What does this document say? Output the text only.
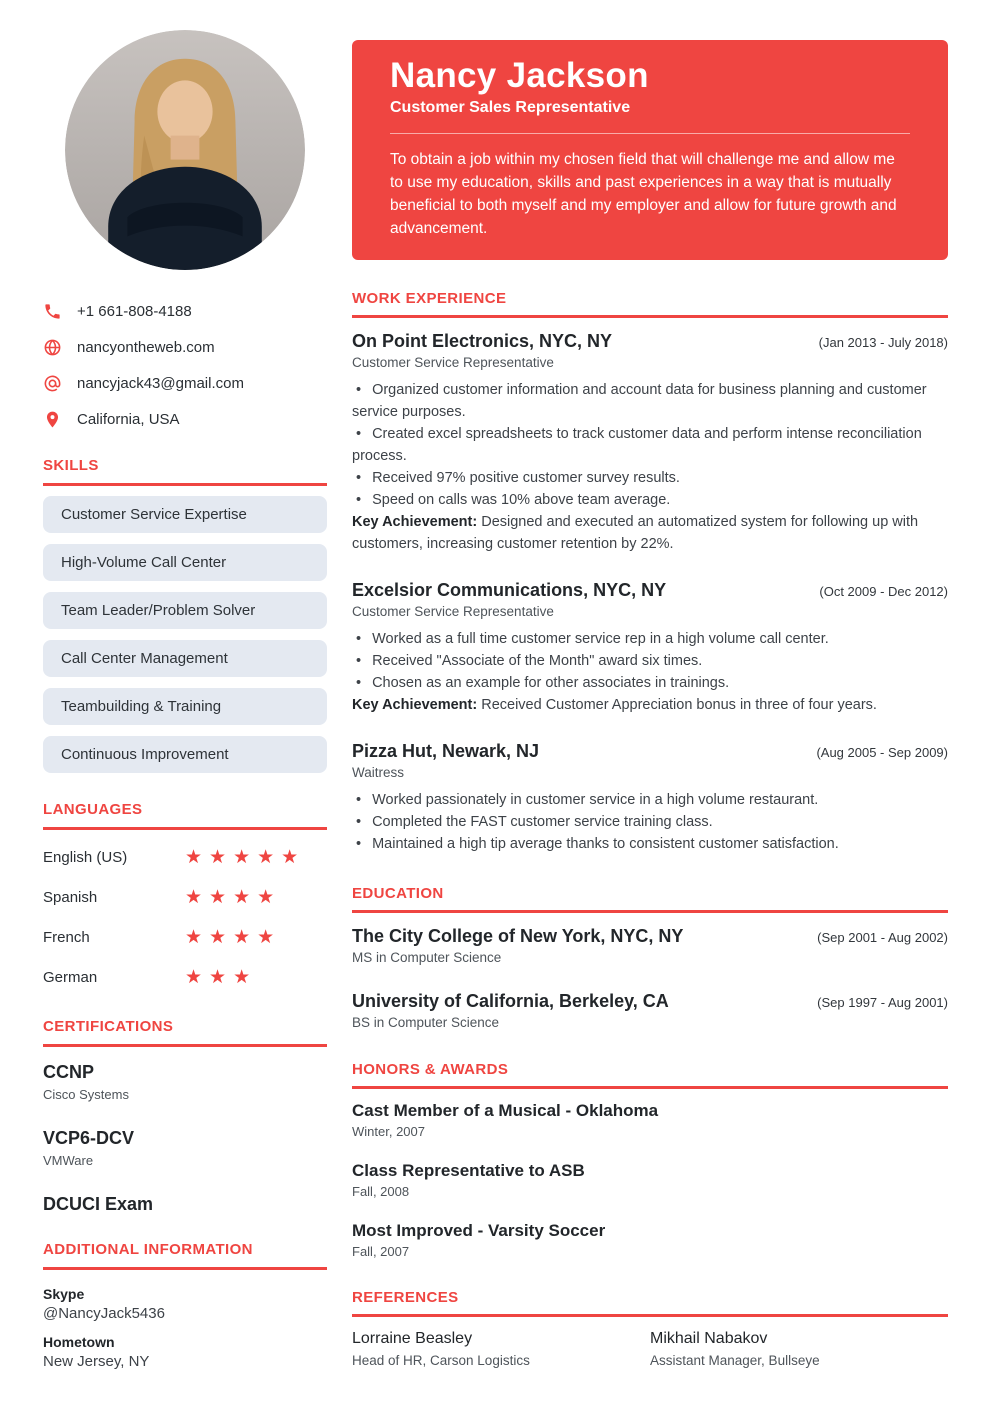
+1 661-808-4188
nancyontheweb.com
nancyjack43@gmail.com
California, USA
SKILLS
Customer Service Expertise
High-Volume Call Center
Team Leader/Problem Solver
Call Center Management
Teambuilding & Training
Continuous Improvement
LANGUAGES
English (US)	★★★★★
Spanish	★★★★
French	★★★★
German	★★★
CERTIFICATIONS
CCNP
Cisco Systems
VCP6-DCV
VMWare
DCUCI Exam
ADDITIONAL INFORMATION
Skype
@NancyJack5436
Hometown
New Jersey, NY
Nancy Jackson
Customer Sales Representative
To obtain a job within my chosen field that will challenge me and allow me to use my education, skills and past experiences in a way that is mutually beneficial to both myself and my employer and allow for future growth and advancement.
WORK EXPERIENCE
On Point Electronics, NYC, NY	(Jan 2013 - July 2018)
Customer Service Representative
• Organized customer information and account data for business planning and customer service purposes.
• Created excel spreadsheets to track customer data and perform intense reconciliation process.
• Received 97% positive customer survey results.
• Speed on calls was 10% above team average.
Key Achievement: Designed and executed an automatized system for following up with customers, increasing customer retention by 22%.
Excelsior Communications, NYC, NY	(Oct 2009 - Dec 2012)
Customer Service Representative
• Worked as a full time customer service rep in a high volume call center.
• Received "Associate of the Month" award six times.
• Chosen as an example for other associates in trainings.
Key Achievement: Received Customer Appreciation bonus in three of four years.
Pizza Hut, Newark, NJ	(Aug 2005 - Sep 2009)
Waitress
• Worked passionately in customer service in a high volume restaurant.
• Completed the FAST customer service training class.
• Maintained a high tip average thanks to consistent customer satisfaction.
EDUCATION
The City College of New York, NYC, NY	(Sep 2001 - Aug 2002)
MS in Computer Science
University of California, Berkeley, CA	(Sep 1997 - Aug 2001)
BS in Computer Science
HONORS & AWARDS
Cast Member of a Musical - Oklahoma
Winter, 2007
Class Representative to ASB
Fall, 2008
Most Improved - Varsity Soccer
Fall, 2007
REFERENCES
Lorraine Beasley
Head of HR, Carson Logistics
Mikhail Nabakov
Assistant Manager, Bullseye
